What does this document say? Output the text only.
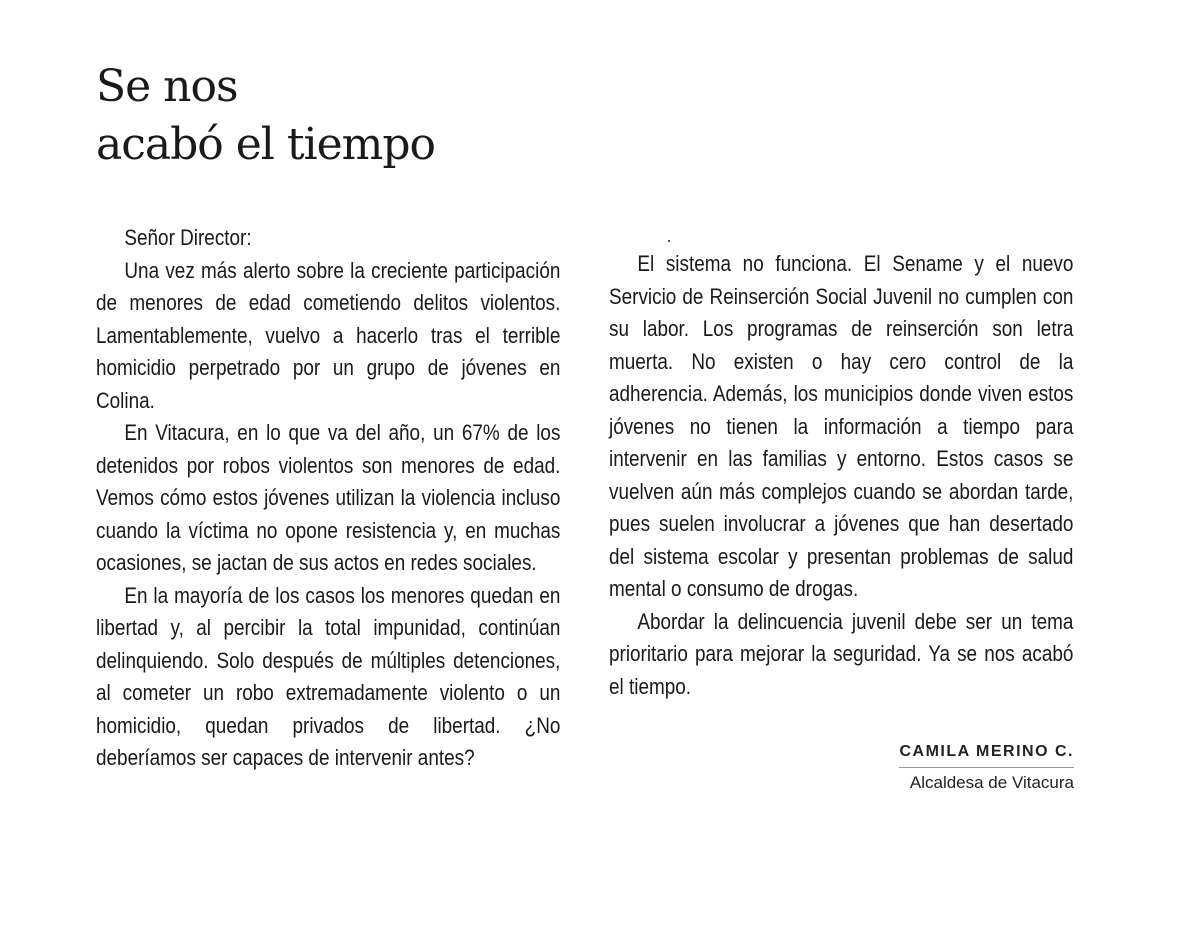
Se nos
acabó el tiempo

Señor Director:

Una vez más alerto sobre la creciente participación de menores de edad cometiendo delitos violentos. Lamentablemente, vuelvo a hacerlo tras el terrible homicidio perpetrado por un grupo de jóvenes en Colina.

En Vitacura, en lo que va del año, un 67% de los detenidos por robos violentos son menores de edad. Vemos cómo estos jóvenes utilizan la violencia incluso cuando la víctima no opone resistencia y, en muchas ocasiones, se jactan de sus actos en redes sociales.

En la mayoría de los casos los menores quedan en libertad y, al percibir la total impunidad, continúan delinquiendo. Solo después de múltiples detenciones, al cometer un robo extremadamente violento o un homicidio, quedan privados de libertad. ¿No deberíamos ser capaces de intervenir antes?

El sistema no funciona. El Sename y el nuevo Servicio de Reinserción Social Juvenil no cumplen con su labor. Los programas de reinserción son letra muerta. No existen o hay cero control de la adherencia. Además, los municipios donde viven estos jóvenes no tienen la información a tiempo para intervenir en las familias y entorno. Estos casos se vuelven aún más complejos cuando se abordan tarde, pues suelen involucrar a jóvenes que han desertado del sistema escolar y presentan problemas de salud mental o consumo de drogas.

Abordar la delincuencia juvenil debe ser un tema prioritario para mejorar la seguridad. Ya se nos acabó el tiempo.

CAMILA MERINO C.
Alcaldesa de Vitacura
